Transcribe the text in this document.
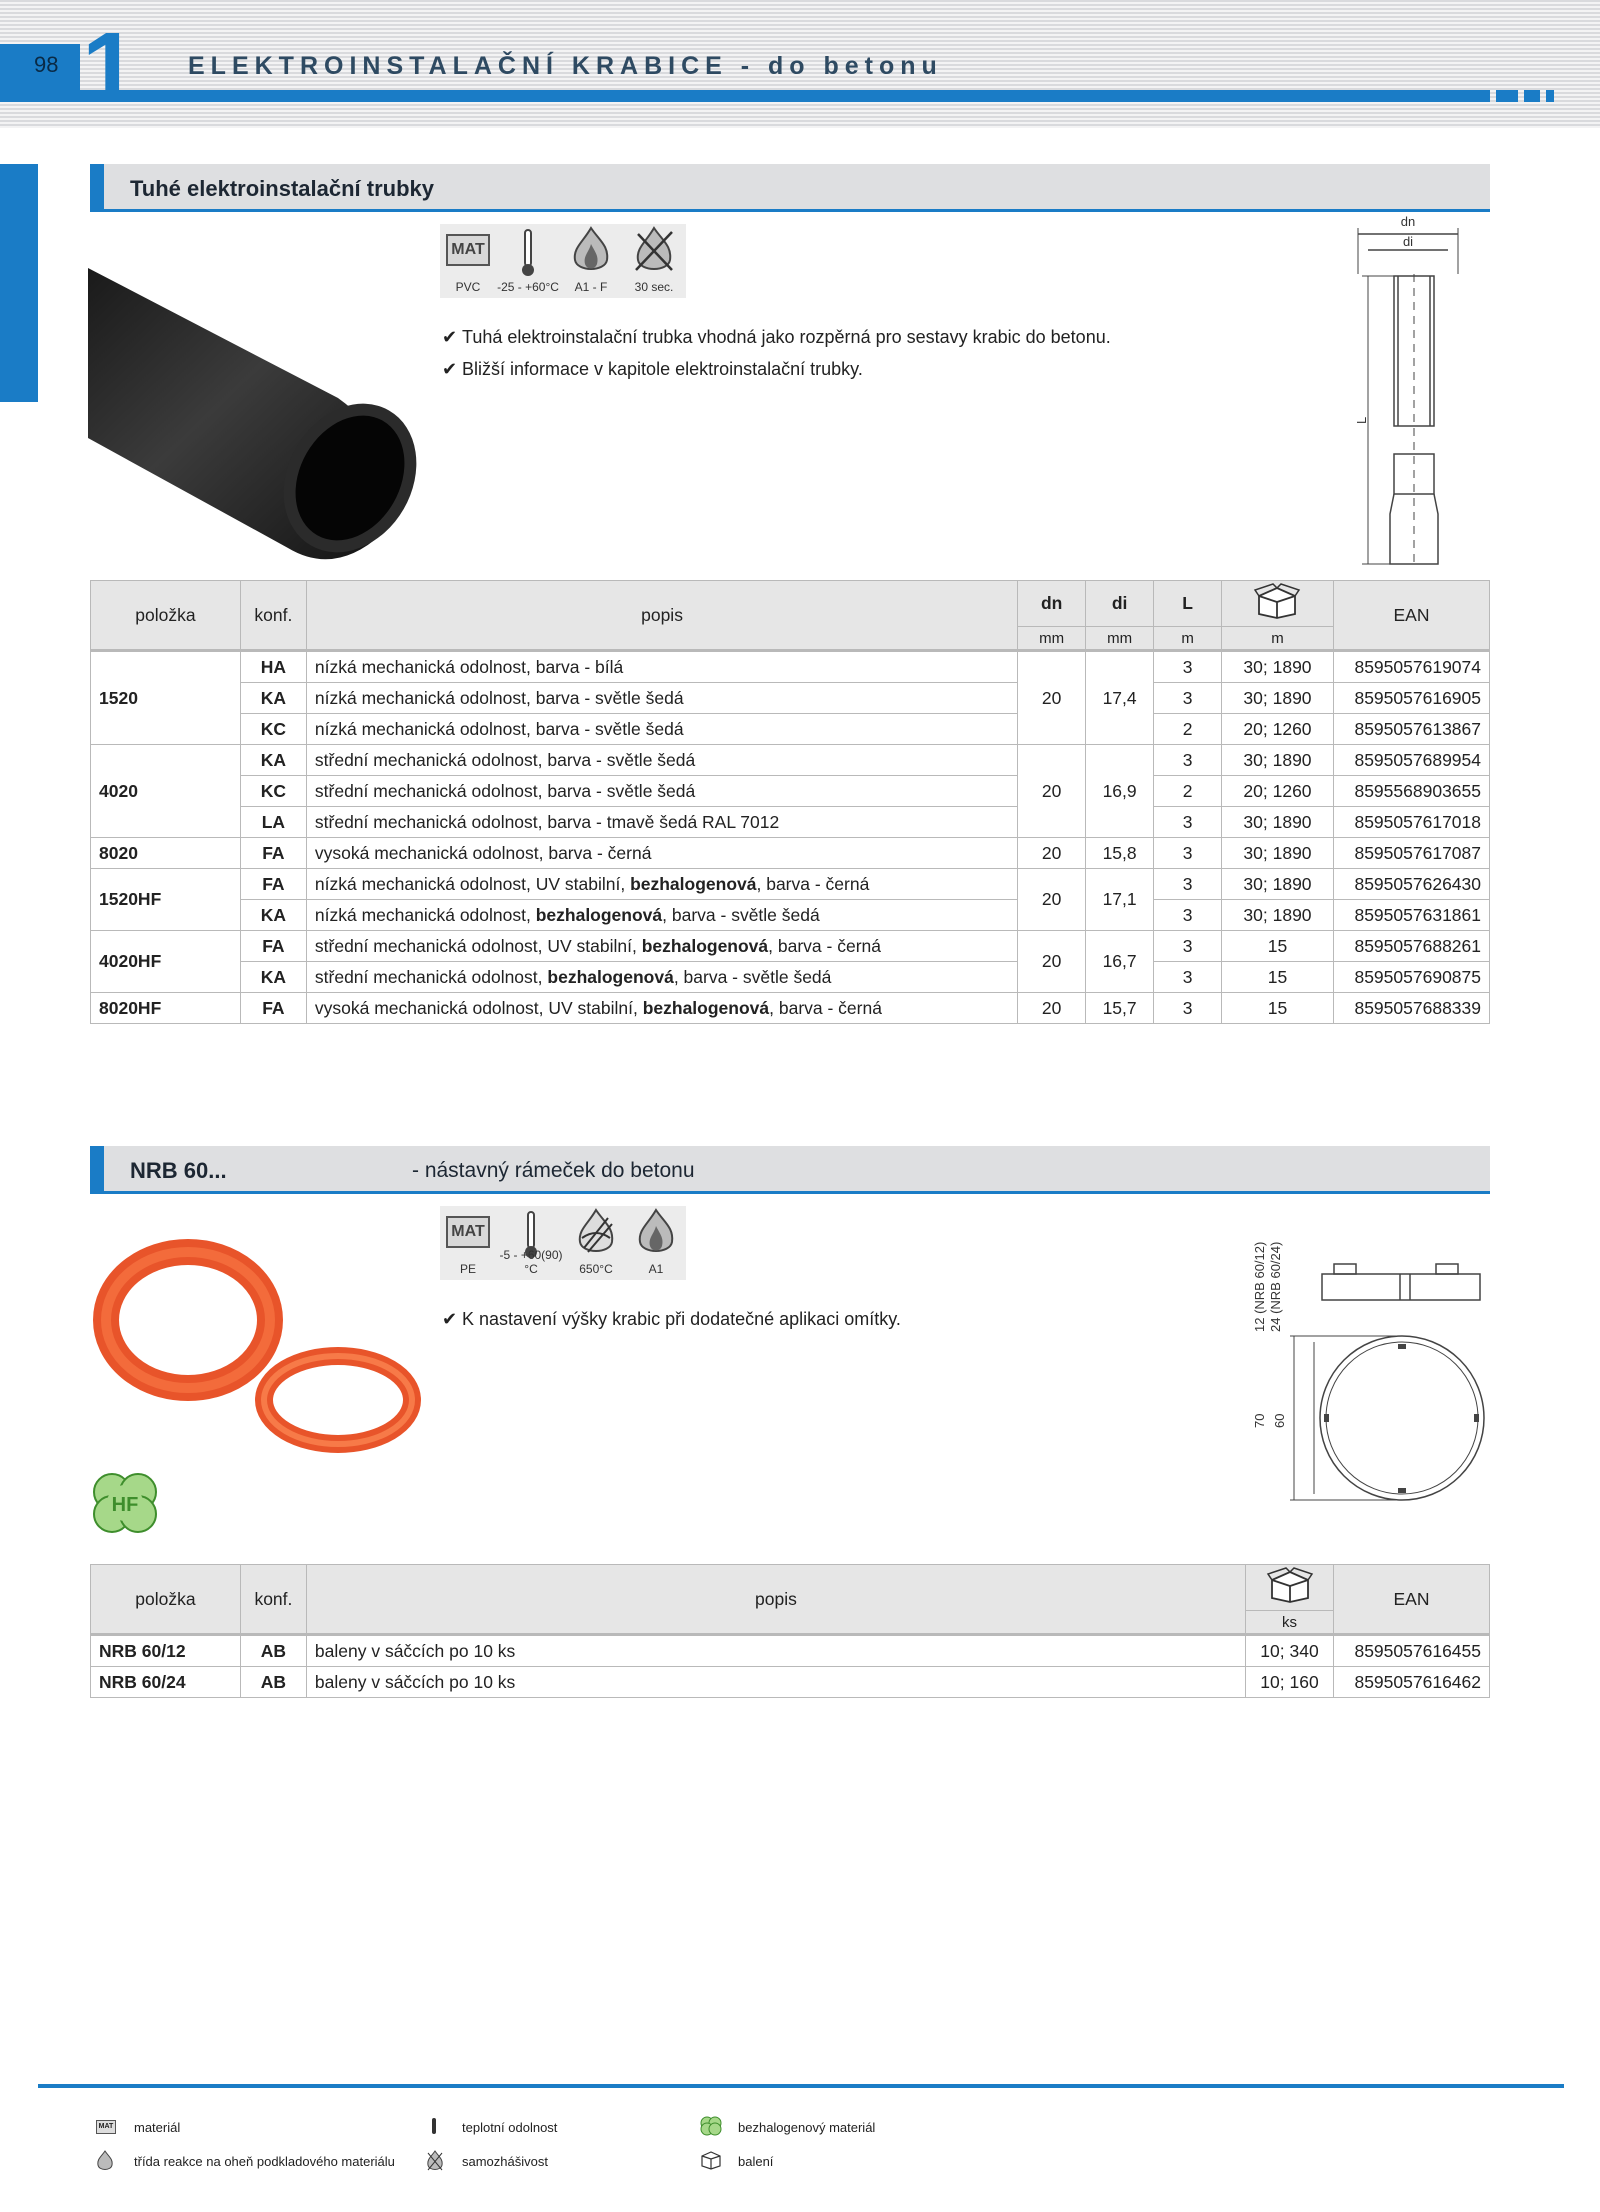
98 1 ELEKTROINSTALAČNÍ KRABICE - do betonu
Tuhé elektroinstalační trubky
MAT
PVC	-25 - +60°C	A1 - F	30 sec.
✔ Tuhá elektroinstalační trubka vhodná jako rozpěrná pro sestavy krabic do betonu.
✔ Bližší informace v kapitole elektroinstalační trubky.
dn
di
L
položka	konf.	popis	dn	di	L		EAN
			mm	mm	m	m	
1520	HA	nízká mechanická odolnost, barva - bílá	20	17,4	3	30; 1890	8595057619074
	KA	nízká mechanická odolnost, barva - světle šedá			3	30; 1890	8595057616905
	KC	nízká mechanická odolnost, barva - světle šedá			2	20; 1260	8595057613867
4020	KA	střední mechanická odolnost, barva - světle šedá	20	16,9	3	30; 1890	8595057689954
	KC	střední mechanická odolnost, barva - světle šedá			2	20; 1260	8595568903655
	LA	střední mechanická odolnost, barva - tmavě šedá RAL 7012			3	30; 1890	8595057617018
8020	FA	vysoká mechanická odolnost, barva - černá	20	15,8	3	30; 1890	8595057617087
1520HF	FA	nízká mechanická odolnost, UV stabilní, bezhalogenová, barva - černá	20	17,1	3	30; 1890	8595057626430
	KA	nízká mechanická odolnost, bezhalogenová, barva - světle šedá			3	30; 1890	8595057631861
4020HF	FA	střední mechanická odolnost, UV stabilní, bezhalogenová, barva - černá	20	16,7	3	15	8595057688261
	KA	střední mechanická odolnost, bezhalogenová, barva - světle šedá			3	15	8595057690875
8020HF	FA	vysoká mechanická odolnost, UV stabilní, bezhalogenová, barva - černá	20	15,7	3	15	8595057688339
NRB 60...	- nástavný rámeček do betonu
HF
MAT
PE
-5 - +60(90)°C	650°C	A1
✔ K nastavení výšky krabic při dodatečné aplikaci omítky.	12 (NRB 60/12) 24 (NRB 60/24)
70 60
položka	konf.	popis		EAN
			ks	
NRB 60/12	AB	baleny v sáčcích po 10 ks	10; 340	8595057616455
NRB 60/24	AB	baleny v sáčcích po 10 ks	10; 160	8595057616462
MAT materiál	teplotní odolnost	bezhalogenový materiál
třída reakce na oheň podkladového materiálu	samozhášivost	balení
